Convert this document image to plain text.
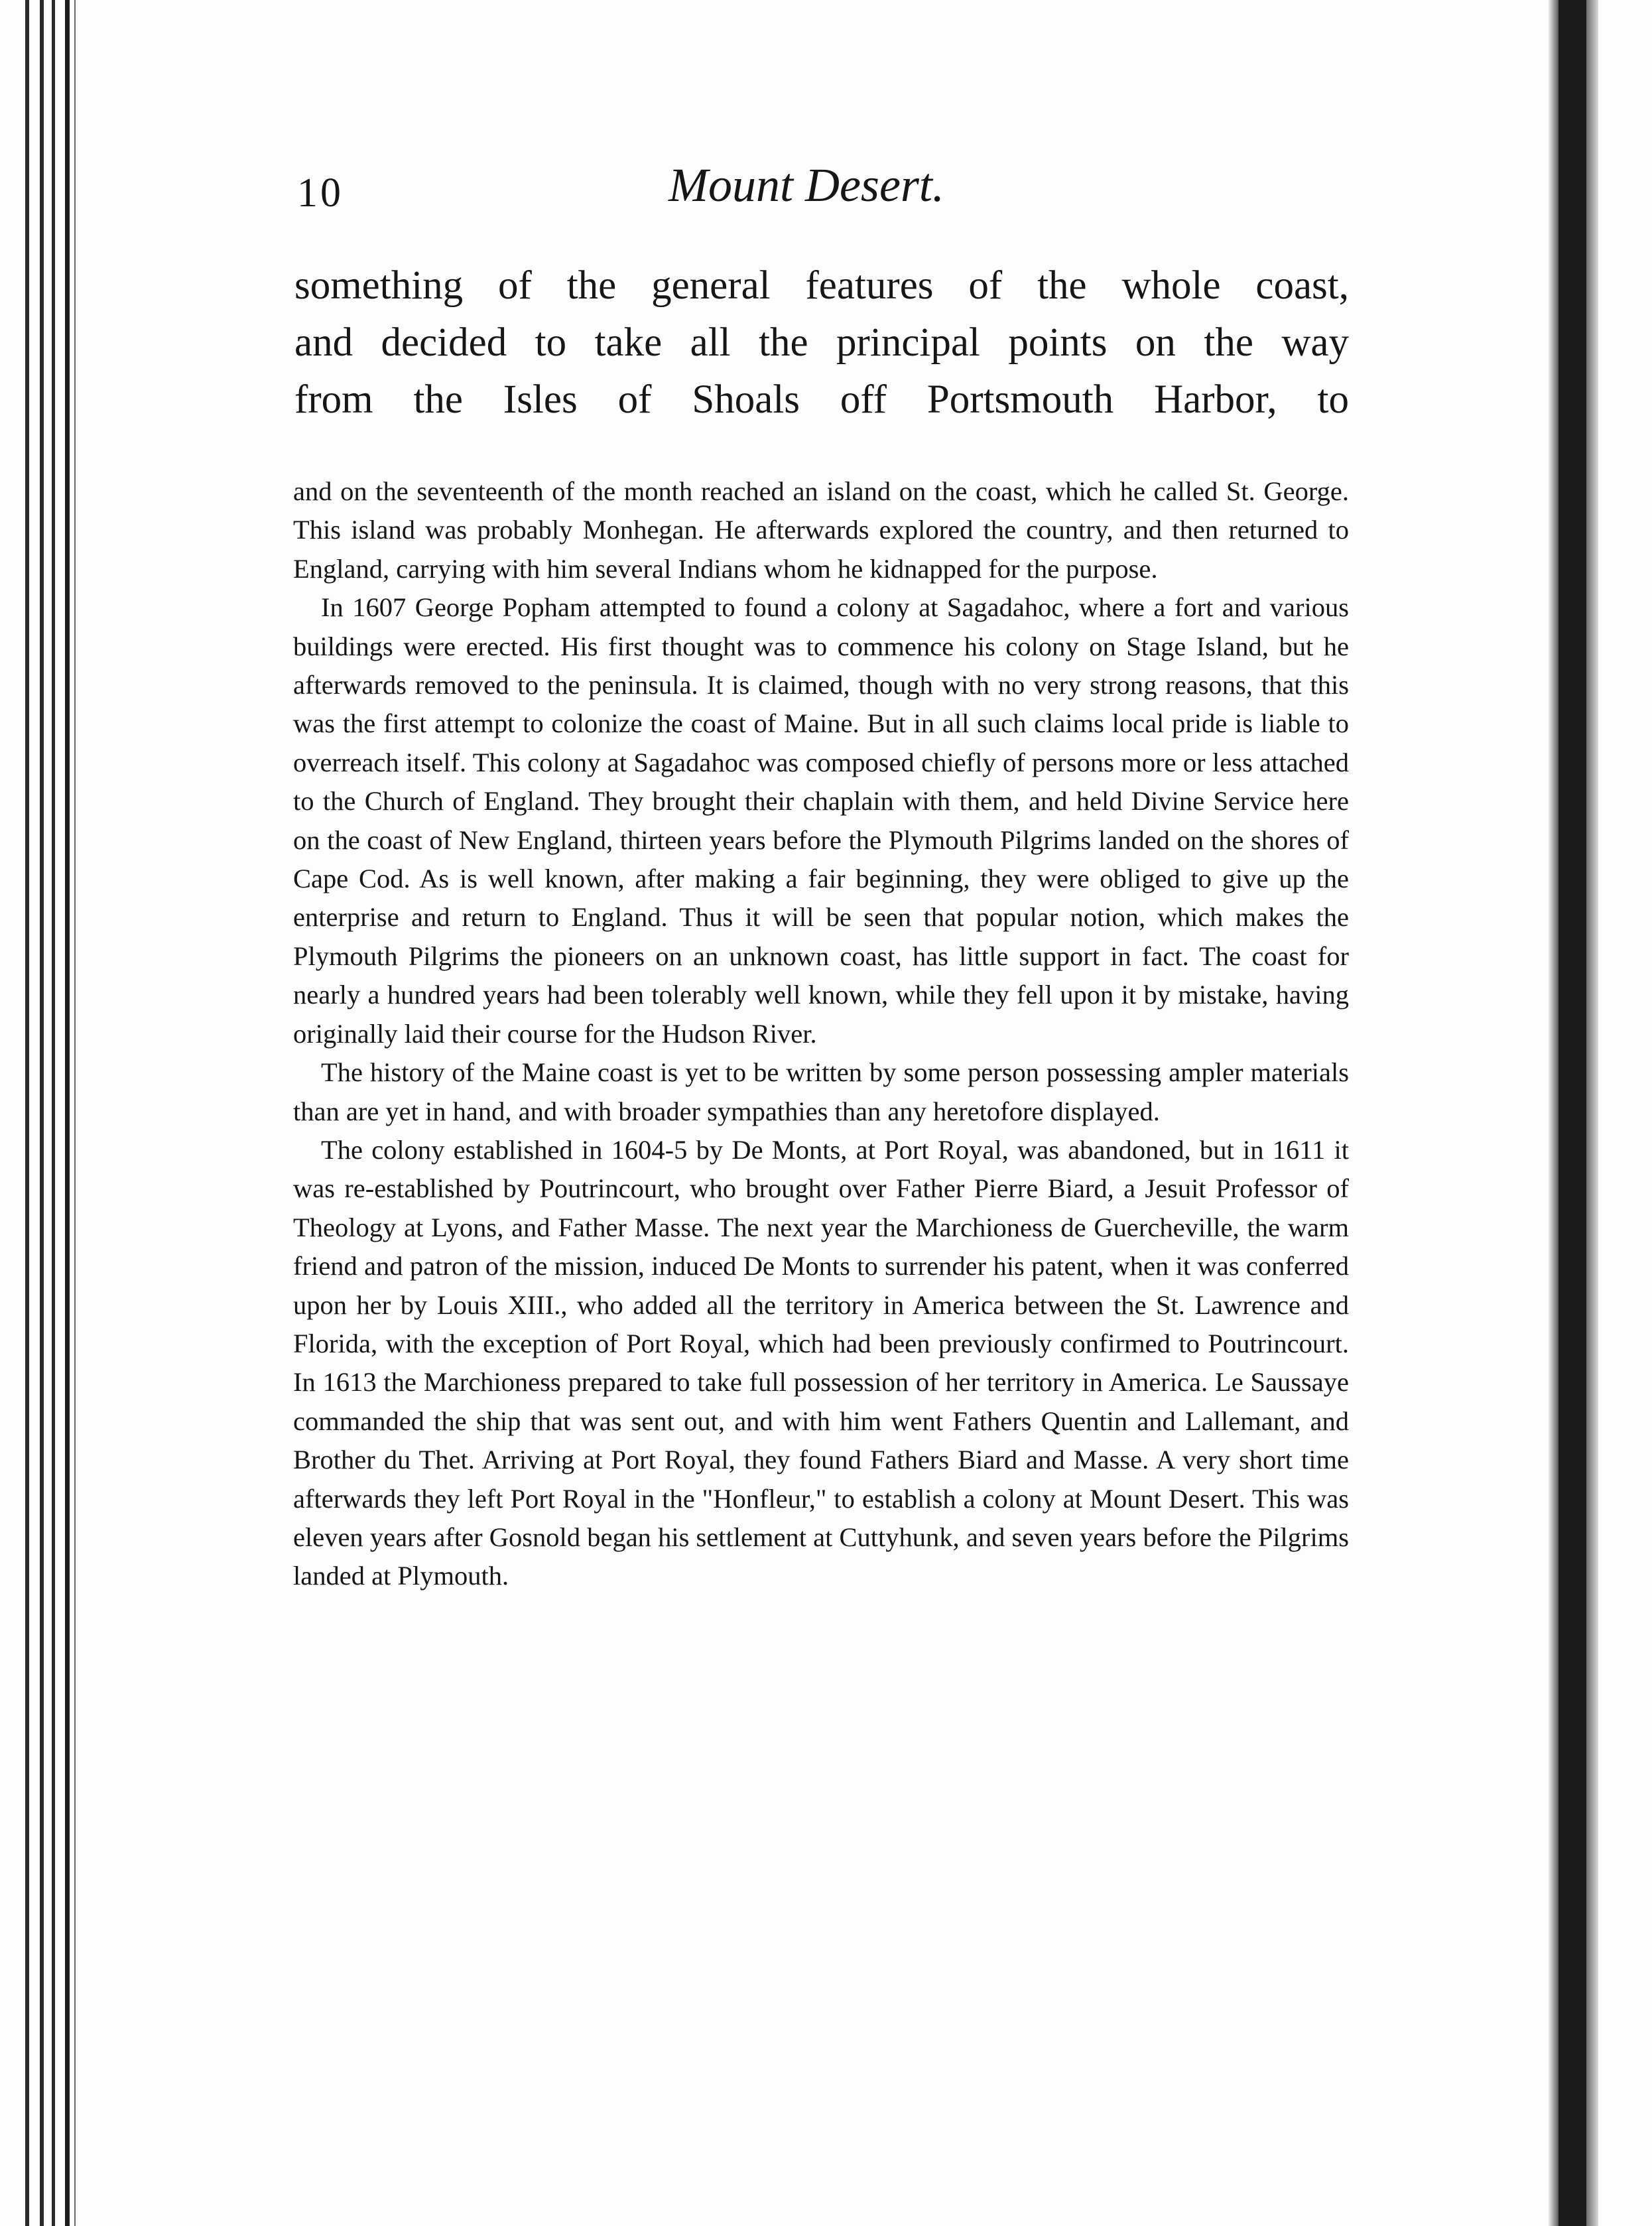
10	Mount Desert.
something of the general features of the whole coast,
and decided to take all the principal points on the way
from the Isles of Shoals off Portsmouth Harbor, to

and on the seventeenth of the month reached an island on the coast, which he called St. George. This island was probably Monhegan. He afterwards explored the country, and then returned to England, carrying with him several Indians whom he kidnapped for the purpose.

In 1607 George Popham attempted to found a colony at Sagadahoc, where a fort and various buildings were erected. His first thought was to commence his colony on Stage Island, but he afterwards removed to the peninsula. It is claimed, though with no very strong reasons, that this was the first attempt to colonize the coast of Maine. But in all such claims local pride is liable to overreach itself. This colony at Sagadahoc was composed chiefly of persons more or less attached to the Church of England. They brought their chaplain with them, and held Divine Service here on the coast of New England, thirteen years before the Plymouth Pilgrims landed on the shores of Cape Cod. As is well known, after making a fair beginning, they were obliged to give up the enterprise and return to England. Thus it will be seen that popular notion, which makes the Plymouth Pilgrims the pioneers on an unknown coast, has little support in fact. The coast for nearly a hundred years had been tolerably well known, while they fell upon it by mistake, having originally laid their course for the Hudson River.

The history of the Maine coast is yet to be written by some person possessing ampler materials than are yet in hand, and with broader sympathies than any heretofore displayed.

The colony established in 1604-5 by De Monts, at Port Royal, was abandoned, but in 1611 it was re-established by Poutrincourt, who brought over Father Pierre Biard, a Jesuit Professor of Theology at Lyons, and Father Masse. The next year the Marchioness de Guercheville, the warm friend and patron of the mission, induced De Monts to surrender his patent, when it was conferred upon her by Louis XIII., who added all the territory in America between the St. Lawrence and Florida, with the exception of Port Royal, which had been previously confirmed to Poutrincourt. In 1613 the Marchioness prepared to take full possession of her territory in America. Le Saussaye commanded the ship that was sent out, and with him went Fathers Quentin and Lallemant, and Brother du Thet. Arriving at Port Royal, they found Fathers Biard and Masse. A very short time afterwards they left Port Royal in the "Honfleur," to establish a colony at Mount Desert. This was eleven years after Gosnold began his settlement at Cuttyhunk, and seven years before the Pilgrims landed at Plymouth.
